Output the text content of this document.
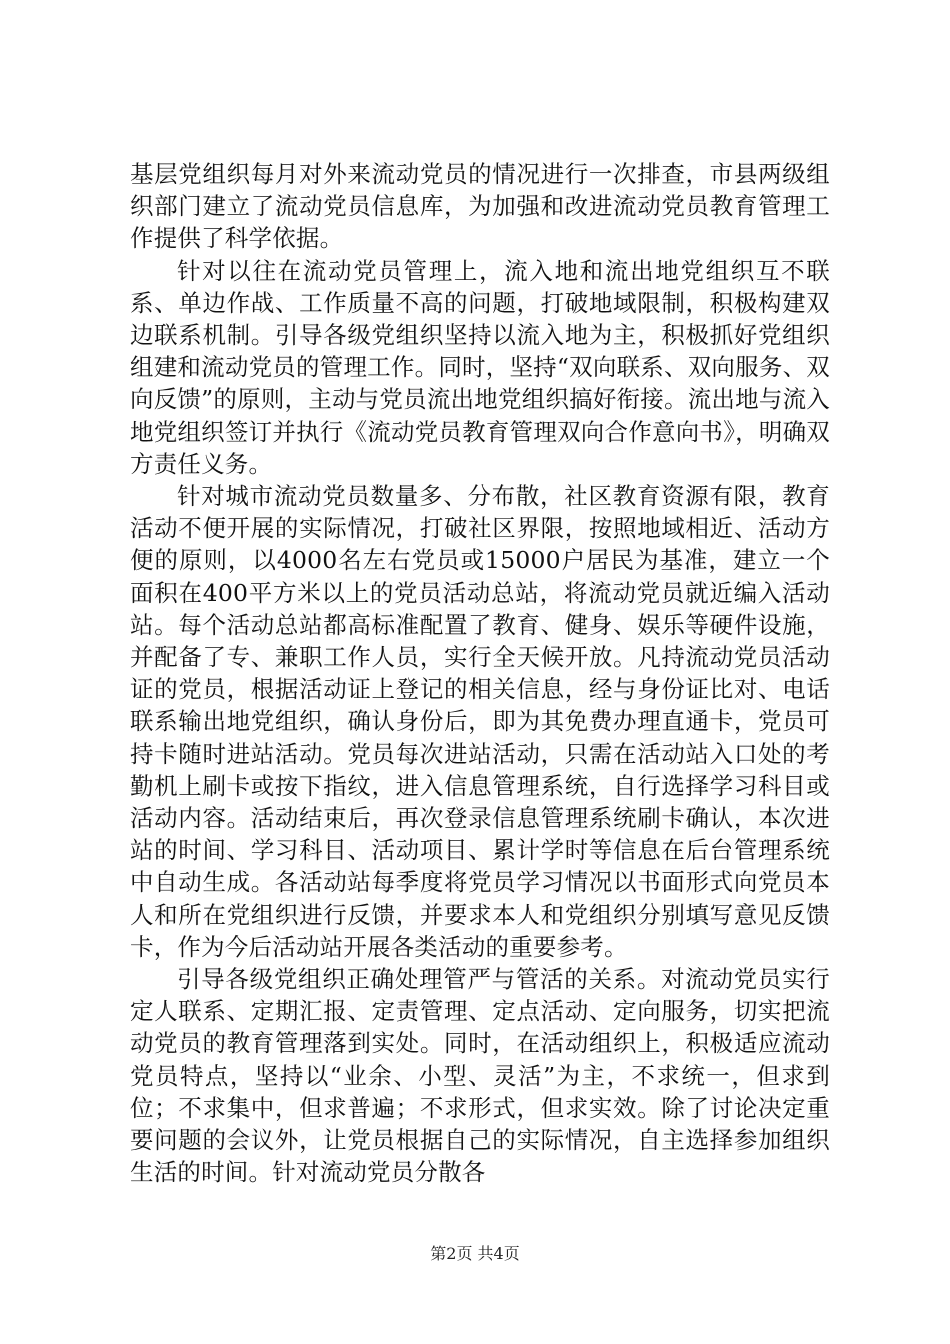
基层党组织每月对外来流动党员的情况进行一次排查，市县两级组织部门建立了流动党员信息库，为加强和改进流动党员教育管理工作提供了科学依据。

针对以往在流动党员管理上，流入地和流出地党组织互不联系、单边作战、工作质量不高的问题，打破地域限制，积极构建双边联系机制。引导各级党组织坚持以流入地为主，积极抓好党组织组建和流动党员的管理工作。同时，坚持“双向联系、双向服务、双向反馈”的原则，主动与党员流出地党组织搞好衔接。流出地与流入地党组织签订并执行《流动党员教育管理双向合作意向书》，明确双方责任义务。

针对城市流动党员数量多、分布散，社区教育资源有限，教育活动不便开展的实际情况，打破社区界限，按照地域相近、活动方便的原则，以4000名左右党员或15000户居民为基准，建立一个面积在400平方米以上的党员活动总站，将流动党员就近编入活动站。每个活动总站都高标准配置了教育、健身、娱乐等硬件设施，并配备了专、兼职工作人员，实行全天候开放。凡持流动党员活动证的党员，根据活动证上登记的相关信息，经与身份证比对、电话联系输出地党组织，确认身份后，即为其免费办理直通卡，党员可持卡随时进站活动。党员每次进站活动，只需在活动站入口处的考勤机上刷卡或按下指纹，进入信息管理系统，自行选择学习科目或活动内容。活动结束后，再次登录信息管理系统刷卡确认，本次进站的时间、学习科目、活动项目、累计学时等信息在后台管理系统中自动生成。各活动站每季度将党员学习情况以书面形式向党员本人和所在党组织进行反馈，并要求本人和党组织分别填写意见反馈卡，作为今后活动站开展各类活动的重要参考。

引导各级党组织正确处理管严与管活的关系。对流动党员实行定人联系、定期汇报、定责管理、定点活动、定向服务，切实把流动党员的教育管理落到实处。同时，在活动组织上，积极适应流动党员特点，坚持以“业余、小型、灵活”为主，不求统一，但求到位；不求集中，但求普遍；不求形式，但求实效。除了讨论决定重要问题的会议外，让党员根据自己的实际情况，自主选择参加组织生活的时间。针对流动党员分散各

第2页 共4页
